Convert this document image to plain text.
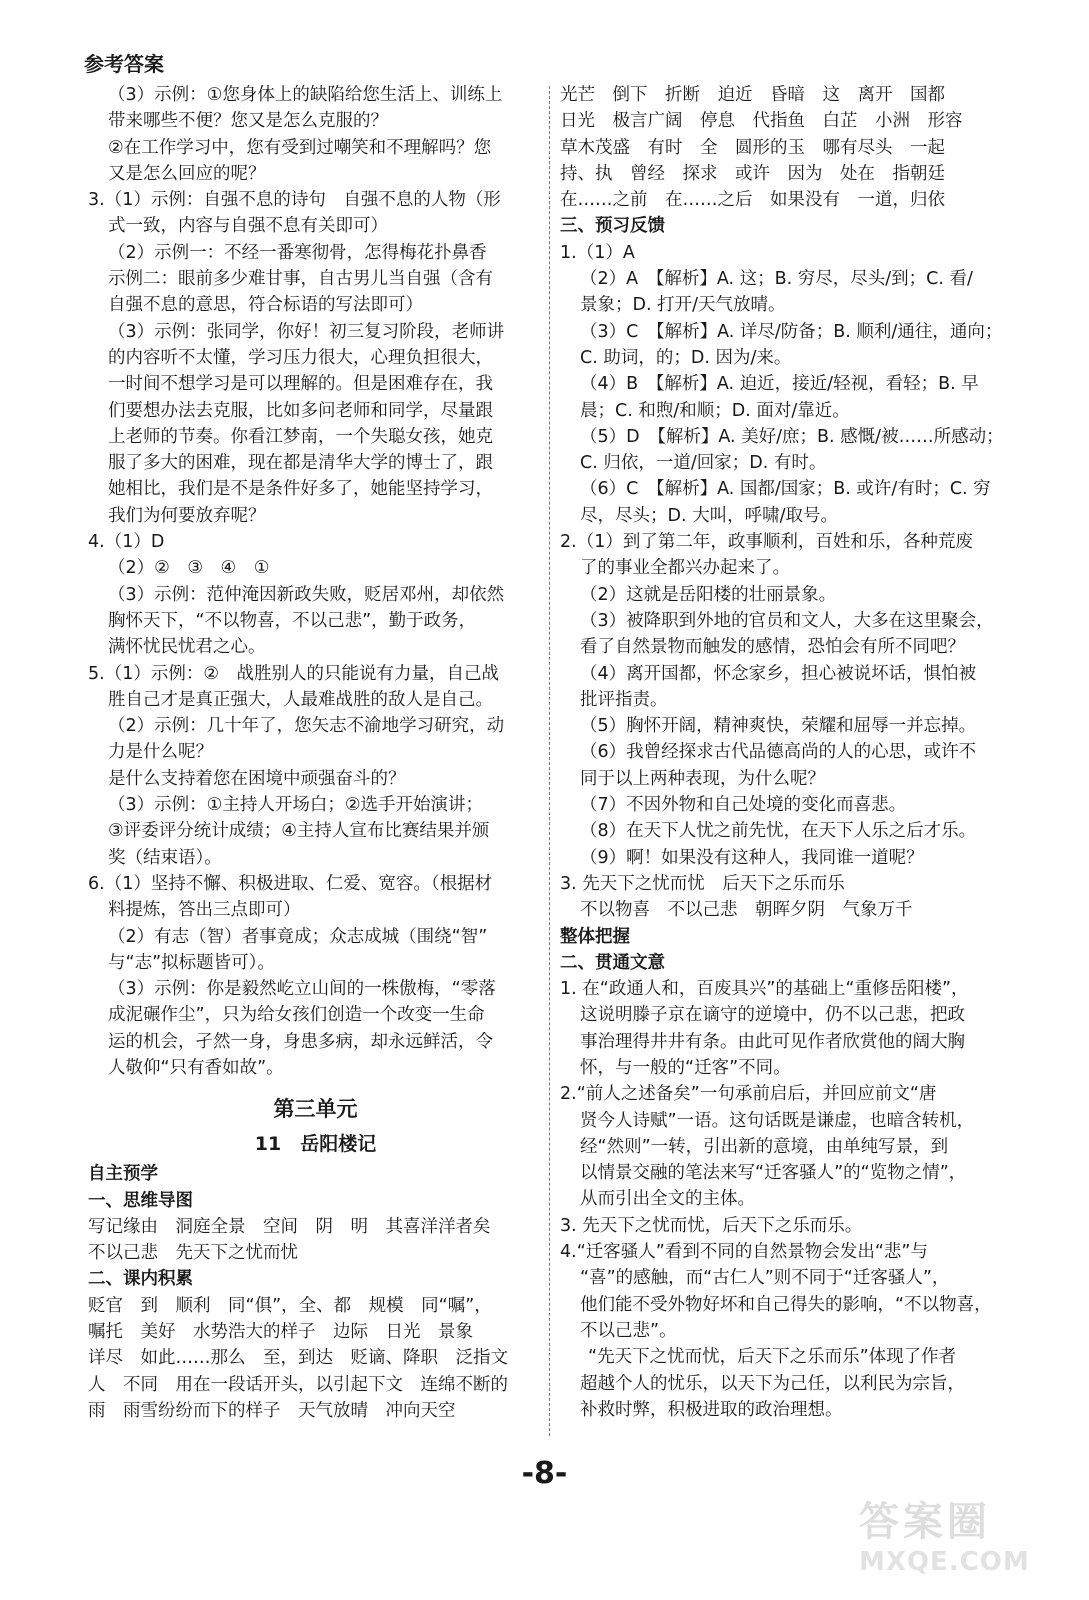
参考答案
（3）示例：①您身体上的缺陷给您生活上、训练上
带来哪些不便？您又是怎么克服的？
②在工作学习中，您有受到过嘲笑和不理解吗？您
又是怎么回应的呢？
3.（1）示例：自强不息的诗句　自强不息的人物（形
式一致，内容与自强不息有关即可）
（2）示例一：不经一番寒彻骨，怎得梅花扑鼻香
示例二：眼前多少难甘事，自古男儿当自强（含有
自强不息的意思，符合标语的写法即可）
（3）示例：张同学，你好！初三复习阶段，老师讲
的内容听不太懂，学习压力很大，心理负担很大，
一时间不想学习是可以理解的。但是困难存在，我
们要想办法去克服，比如多问老师和同学，尽量跟
上老师的节奏。你看江梦南，一个失聪女孩，她克
服了多大的困难，现在都是清华大学的博士了，跟
她相比，我们是不是条件好多了，她能坚持学习，
我们为何要放弃呢？
4.（1）D
（2）②　③　④　①
（3）示例：范仲淹因新政失败，贬居邓州，却依然
胸怀天下，“不以物喜，不以己悲”，勤于政务，
满怀忧民忧君之心。
5.（1）示例：②　战胜别人的只能说有力量，自己战
胜自己才是真正强大，人最难战胜的敌人是自己。
（2）示例：几十年了，您矢志不渝地学习研究，动
力是什么呢？
是什么支持着您在困境中顽强奋斗的？
（3）示例：①主持人开场白；②选手开始演讲；
③评委评分统计成绩；④主持人宣布比赛结果并颁
奖（结束语）。
6.（1）坚持不懈、积极进取、仁爱、宽容。（根据材
料提炼，答出三点即可）
（2）有志（智）者事竟成；众志成城（围绕“智”
与“志”拟标题皆可）。
（3）示例：你是毅然屹立山间的一株傲梅，“零落
成泥碾作尘”，只为给女孩们创造一个改变一生命
运的机会，孑然一身，身患多病，却永远鲜活，令
人敬仰“只有香如故”。
第三单元
11　岳阳楼记
自主预学
一、思维导图
写记缘由　洞庭全景　空间　阴　明　其喜洋洋者矣
不以己悲　先天下之忧而忧
二、课内积累
贬官　到　顺利　同“俱”，全、都　规模　同“嘱”，
嘱托　美好　水势浩大的样子　边际　日光　景象
详尽　如此……那么　至，到达　贬谪、降职　泛指文
人　不同　用在一段话开头，以引起下文　连绵不断的
雨　雨雪纷纷而下的样子　天气放晴　冲向天空
光芒　倒下　折断　迫近　昏暗　这　离开　国都
日光　极言广阔　停息　代指鱼　白芷　小洲　形容
草木茂盛　有时　全　圆形的玉　哪有尽头　一起
持、执　曾经　探求　或许　因为　处在　指朝廷
在……之前　在……之后　如果没有　一道，归依
三、预习反馈
1.（1）A
（2）A　【解析】A. 这；B. 穷尽，尽头/到；C. 看/
景象；D. 打开/天气放晴。
（3）C　【解析】A. 详尽/防备；B. 顺利/通往，通向；
C. 助词，的；D. 因为/来。
（4）B　【解析】A. 迫近，接近/轻视，看轻；B. 早
晨；C. 和煦/和顺；D. 面对/靠近。
（5）D　【解析】A. 美好/庶；B. 感慨/被……所感动；
C. 归依，一道/回家；D. 有时。
（6）C　【解析】A. 国都/国家；B. 或许/有时；C. 穷
尽，尽头；D. 大叫，呼啸/取号。
2.（1）到了第二年，政事顺利，百姓和乐，各种荒废
了的事业全都兴办起来了。
（2）这就是岳阳楼的壮丽景象。
（3）被降职到外地的官员和文人，大多在这里聚会，
看了自然景物而触发的感情，恐怕会有所不同吧？
（4）离开国都，怀念家乡，担心被说坏话，惧怕被
批评指责。
（5）胸怀开阔，精神爽快，荣耀和屈辱一并忘掉。
（6）我曾经探求古代品德高尚的人的心思，或许不
同于以上两种表现，为什么呢？
（7）不因外物和自己处境的变化而喜悲。
（8）在天下人忧之前先忧，在天下人乐之后才乐。
（9）啊！如果没有这种人，我同谁一道呢？
3. 先天下之忧而忧　后天下之乐而乐
不以物喜　不以己悲　朝晖夕阴　气象万千
整体把握
二、贯通文意
1. 在“政通人和，百废具兴”的基础上“重修岳阳楼”，
这说明滕子京在谪守的逆境中，仍不以己悲，把政
事治理得井井有条。由此可见作者欣赏他的阔大胸
怀，与一般的“迁客”不同。
2.“前人之述备矣”一句承前启后，并回应前文“唐
贤今人诗赋”一语。这句话既是谦虚，也暗含转机，
经“然则”一转，引出新的意境，由单纯写景，到
以情景交融的笔法来写“迁客骚人”的“览物之情”，
从而引出全文的主体。
3. 先天下之忧而忧，后天下之乐而乐。
4.“迁客骚人”看到不同的自然景物会发出“悲”与
“喜”的感触，而“古仁人”则不同于“迁客骚人”，
他们能不受外物好坏和自己得失的影响，“不以物喜，
不以己悲”。
“先天下之忧而忧，后天下之乐而乐”体现了作者
超越个人的忧乐，以天下为己任，以利民为宗旨，
补救时弊，积极进取的政治理想。
-8-
答案圈
MXQE.COM
